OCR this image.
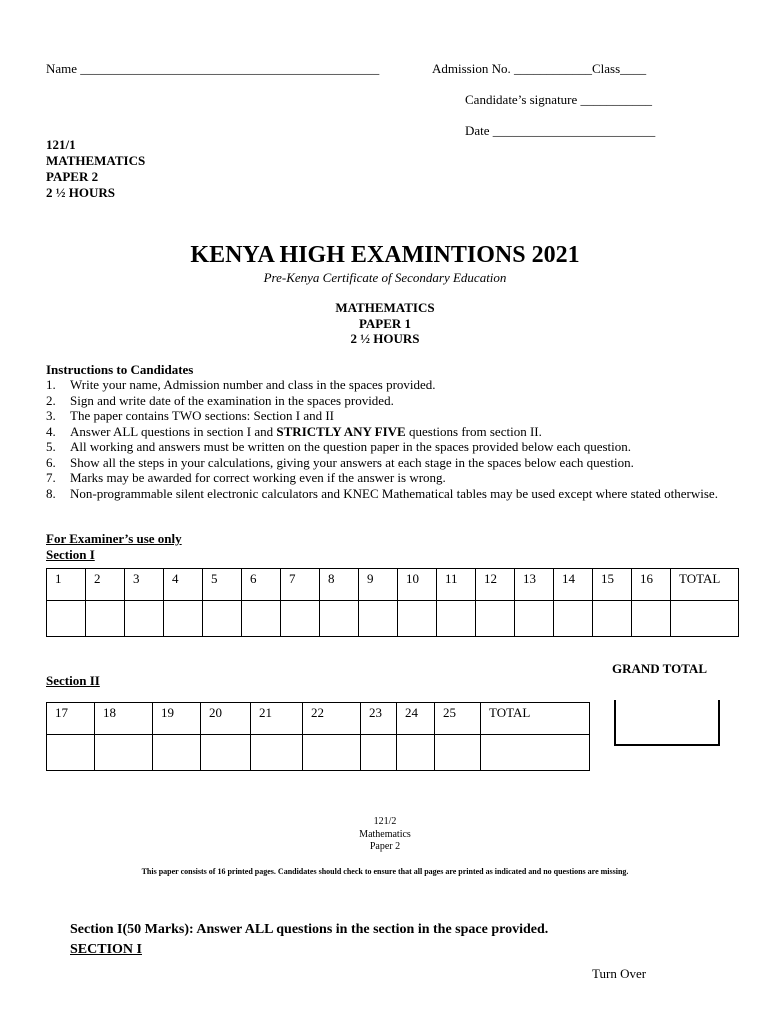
Name ______________________________________________	Admission No. ____________Class____
Candidate’s signature ___________
Date _________________________
121/1
MATHEMATICS
PAPER 2
2 ½ HOURS
KENYA HIGH EXAMINTIONS 2021
Pre-Kenya Certificate of Secondary Education
MATHEMATICS
PAPER 1
2 ½ HOURS
Instructions to Candidates
1. Write your name, Admission number and class in the spaces provided.
2. Sign and write date of the examination in the spaces provided.
3. The paper contains TWO sections: Section I and II
4. Answer ALL questions in section I and STRICTLY ANY FIVE questions from section II.
5. All working and answers must be written on the question paper in the spaces provided below each question.
6. Show all the steps in your calculations, giving your answers at each stage in the spaces below each question.
7. Marks may be awarded for correct working even if the answer is wrong.
8. Non-programmable silent electronic calculators and KNEC Mathematical tables may be used except where stated otherwise.
For Examiner’s use only
Section I
1	2	3	4	5	6	7	8	9	10	11	12	13	14	15	16	TOTAL

GRAND TOTAL
Section II
17	18	19	20	21	22	23	24	25	TOTAL

121/2
Mathematics
Paper 2
This paper consists of 16 printed pages. Candidates should check to ensure that all pages are printed as indicated and no questions are missing.
Section I(50 Marks): Answer ALL questions in the section in the space provided.
SECTION I
Turn Over
